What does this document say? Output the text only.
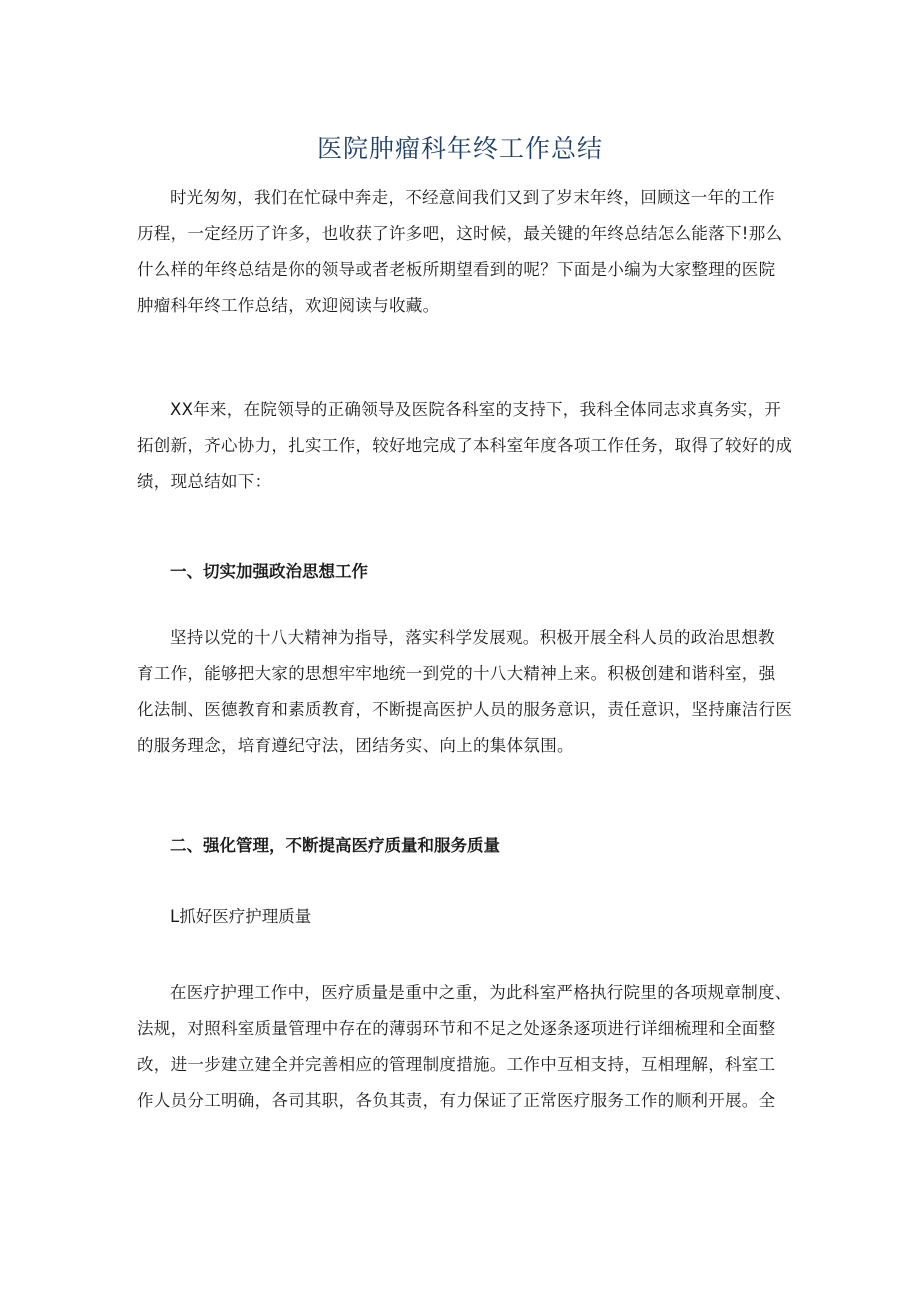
医院肿瘤科年终工作总结
时光匆匆，我们在忙碌中奔走，不经意间我们又到了岁末年终，回顾这一年的工作
历程，一定经历了许多，也收获了许多吧，这时候，最关键的年终总结怎么能落下!那么
什么样的年终总结是你的领导或者老板所期望看到的呢？下面是小编为大家整理的医院
肿瘤科年终工作总结，欢迎阅读与收藏。
XX年来，在院领导的正确领导及医院各科室的支持下，我科全体同志求真务实，开
拓创新，齐心协力，扎实工作，较好地完成了本科室年度各项工作任务，取得了较好的成
绩，现总结如下：
一、切实加强政治思想工作
坚持以党的十八大精神为指导，落实科学发展观。积极开展全科人员的政治思想教
育工作，能够把大家的思想牢牢地统一到党的十八大精神上来。积极创建和谐科室，强
化法制、医德教育和素质教育，不断提高医护人员的服务意识，责任意识，坚持廉洁行医
的服务理念，培育遵纪守法，团结务实、向上的集体氛围。
二、强化管理，不断提高医疗质量和服务质量
L抓好医疗护理质量
在医疗护理工作中，医疗质量是重中之重，为此科室严格执行院里的各项规章制度、
法规，对照科室质量管理中存在的薄弱环节和不足之处逐条逐项进行详细梳理和全面整
改，进一步建立建全并完善相应的管理制度措施。工作中互相支持，互相理解，科室工
作人员分工明确，各司其职，各负其责，有力保证了正常医疗服务工作的顺利开展。全
